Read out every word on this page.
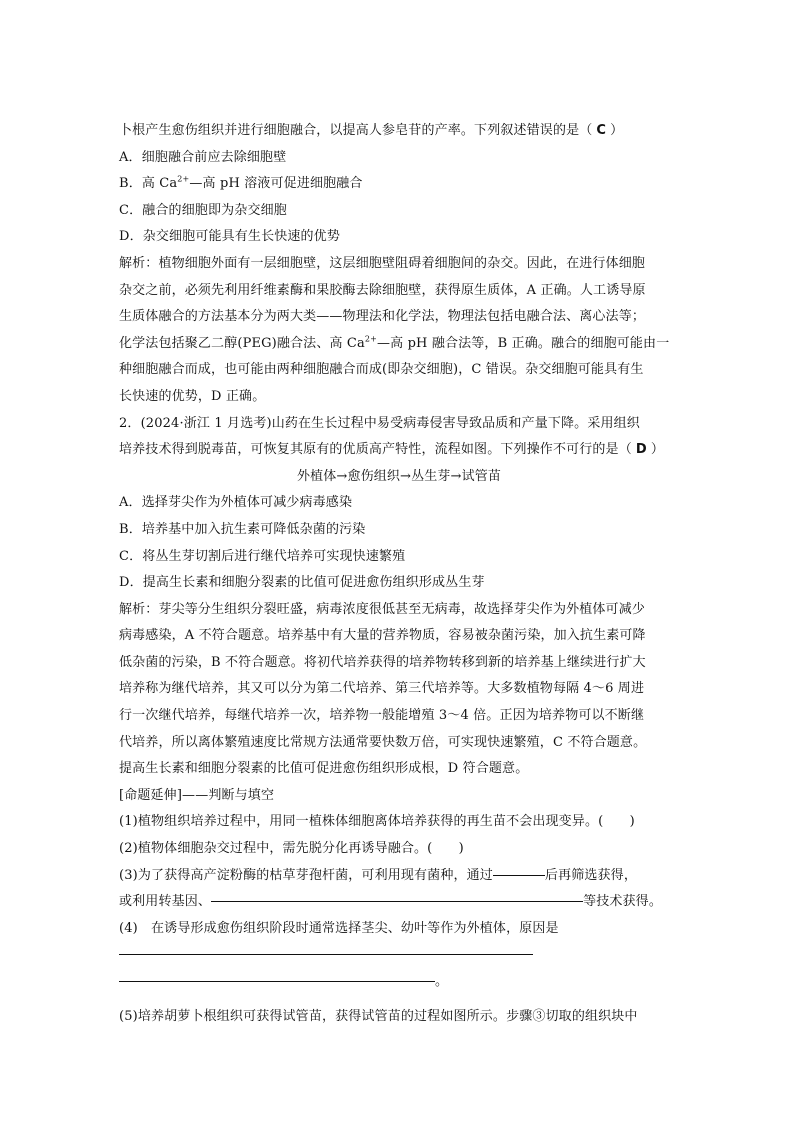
卜根产生愈伤组织并进行细胞融合，以提高人参皂苷的产率。下列叙述错误的是（ C ）
A．细胞融合前应去除细胞壁
B．高 $Ca^{2+}—$高 pH 溶液可促进细胞融合
C．融合的细胞即为杂交细胞
D．杂交细胞可能具有生长快速的优势
解析：植物细胞外面有一层细胞壁，这层细胞壁阻碍着细胞间的杂交。因此，在进行体细胞
杂交之前，必须先利用纤维素酶和果胶酶去除细胞壁，获得原生质体，A 正确。人工诱导原
生质体融合的方法基本分为两大类——物理法和化学法，物理法包括电融合法、离心法等；
化学法包括聚乙二醇(PEG)融合法、高 $Ca^{2+}—$高 pH 融合法等，B 正确。融合的细胞可能由一
种细胞融合而成，也可能由两种细胞融合而成(即杂交细胞)，C 错误。杂交细胞可能具有生
长快速的优势，D 正确。
2．(2024·浙江 1 月选考)山药在生长过程中易受病毒侵害导致品质和产量下降。采用组织
培养技术得到脱毒苗，可恢复其原有的优质高产特性，流程如图。下列操作不可行的是（ D ）
外植体→愈伤组织→丛生芽→试管苗
A．选择芽尖作为外植体可减少病毒感染
B．培养基中加入抗生素可降低杂菌的污染
C．将丛生芽切割后进行继代培养可实现快速繁殖
D．提高生长素和细胞分裂素的比值可促进愈伤组织形成丛生芽
解析：芽尖等分生组织分裂旺盛，病毒浓度很低甚至无病毒，故选择芽尖作为外植体可减少
病毒感染，A 不符合题意。培养基中有大量的营养物质，容易被杂菌污染，加入抗生素可降
低杂菌的污染，B 不符合题意。将初代培养获得的培养物转移到新的培养基上继续进行扩大
培养称为继代培养，其又可以分为第二代培养、第三代培养等。大多数植物每隔 4～6 周进
行一次继代培养，每继代培养一次，培养物一般能增殖 3～4 倍。正因为培养物可以不断继
代培养，所以离体繁殖速度比常规方法通常要快数万倍，可实现快速繁殖，C 不符合题意。
提高生长素和细胞分裂素的比值可促进愈伤组织形成根，D 符合题意。
[命题延伸]——判断与填空
(1)植物组织培养过程中，用同一植株体细胞离体培养获得的再生苗不会出现变异。(　　)
(2)植物体细胞杂交过程中，需先脱分化再诱导融合。(　　)
(3)为了获得高产淀粉酶的枯草芽孢杆菌，可利用现有菌种，通过	后再筛选获得，
或利用转基因、	等技术获得。
(4)　在诱导形成愈伤组织阶段时通常选择茎尖、幼叶等作为外植体，原因是
。
(5)培养胡萝卜根组织可获得试管苗，获得试管苗的过程如图所示。步骤③切取的组织块中
